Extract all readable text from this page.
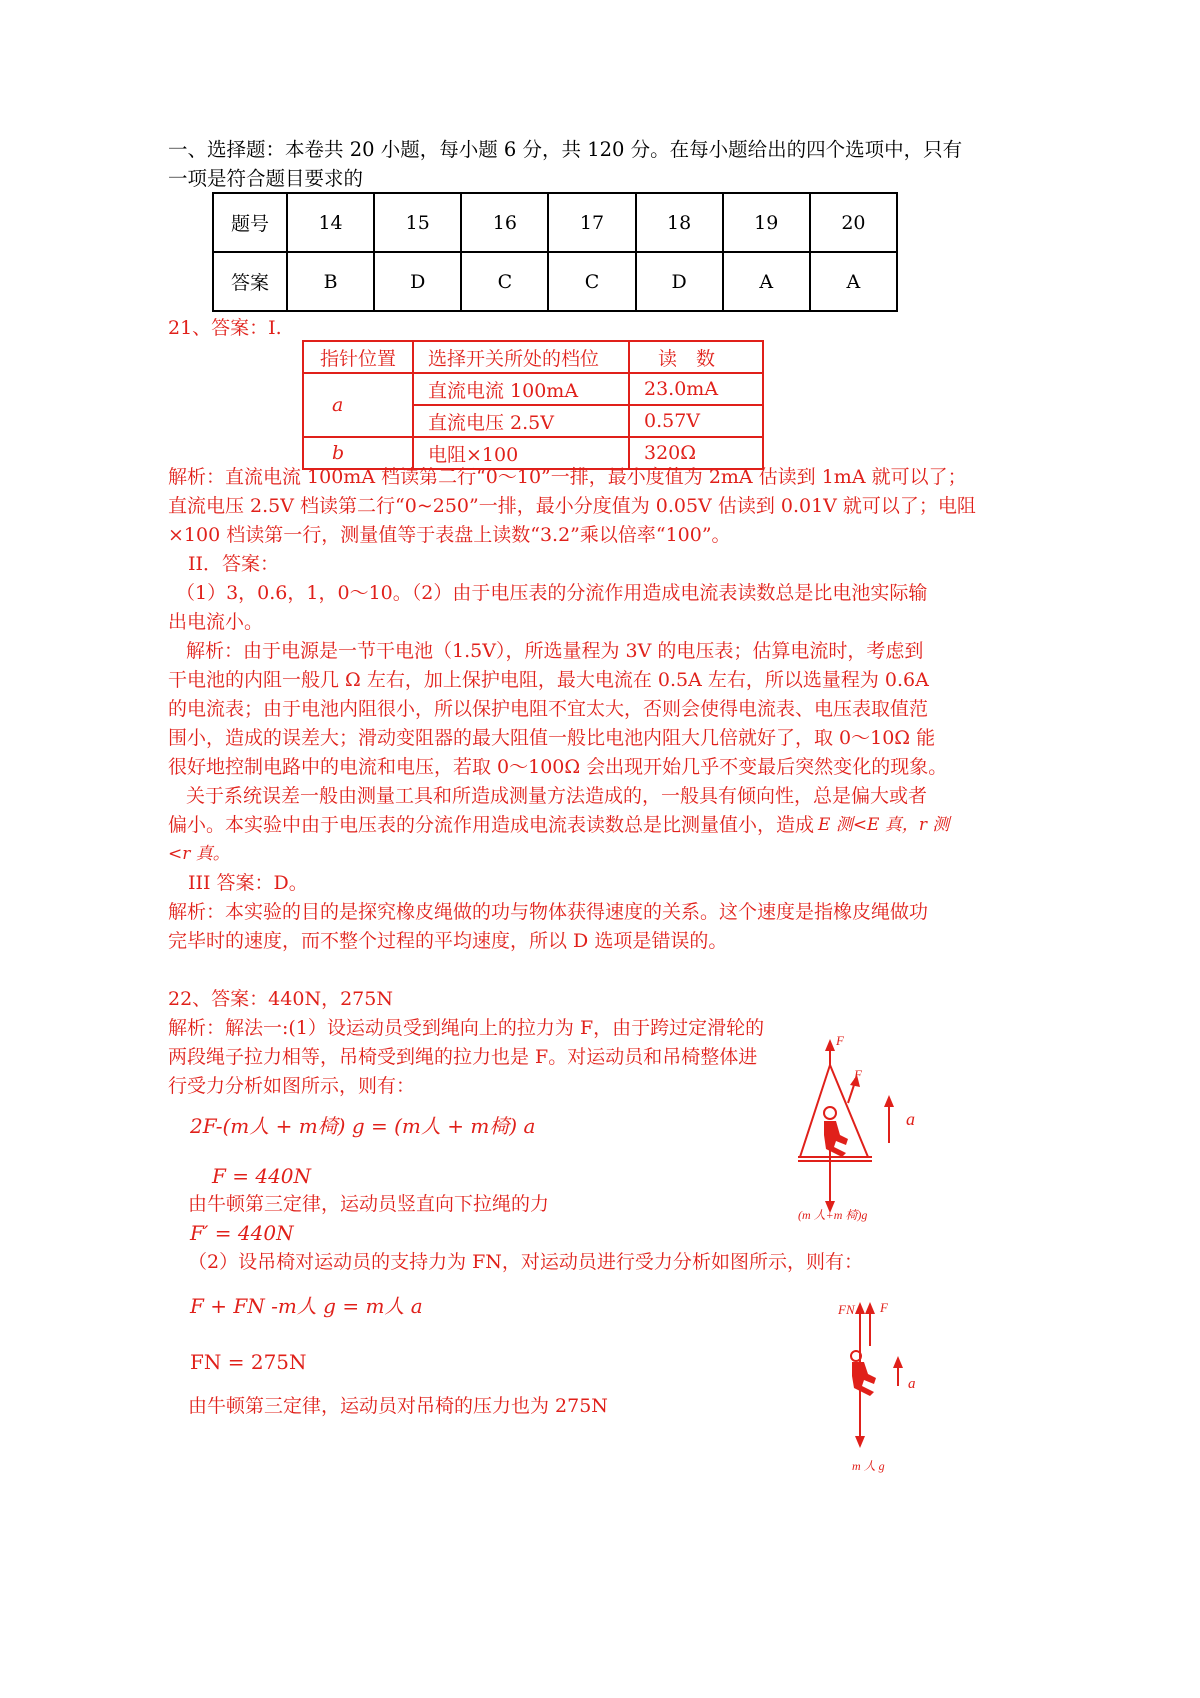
一、选择题：本卷共 20 小题，每小题 6 分，共 120 分。在每小题给出的四个选项中，只有
一项是符合题目要求的
题号	14	15	16	17	18	19	20
答案	B	D	C	C	D	A	A
21、答案：I.
指针位置	选择开关所处的档位	读　数
a	直流电流 100mA	23.0mA
	直流电压 2.5V	0.57V
b	电阻×100	320Ω
解析：直流电流 100mA 档读第二行“0～10”一排，最小度值为 2mA 估读到 1mA 就可以了；
直流电压 2.5V 档读第二行“0~250”一排，最小分度值为 0.05V 估读到 0.01V 就可以了；电阻
×100 档读第一行，测量值等于表盘上读数“3.2”乘以倍率“100”。
II．答案：
（1）3，0.6，1，0～10。（2）由于电压表的分流作用造成电流表读数总是比电池实际输
出电流小。
解析：由于电源是一节干电池（1.5V），所选量程为 3V 的电压表；估算电流时，考虑到
干电池的内阻一般几 Ω 左右，加上保护电阻，最大电流在 0.5A 左右，所以选量程为 0.6A
的电流表；由于电池内阻很小，所以保护电阻不宜太大，否则会使得电流表、电压表取值范
围小，造成的误差大；滑动变阻器的最大阻值一般比电池内阻大几倍就好了，取 0～10Ω 能
很好地控制电路中的电流和电压，若取 0～100Ω 会出现开始几乎不变最后突然变化的现象。
关于系统误差一般由测量工具和所造成测量方法造成的，一般具有倾向性，总是偏大或者
偏小。本实验中由于电压表的分流作用造成电流表读数总是比测量值小，造成 E 测<E 真，r 测
<r 真。
III 答案：D。
解析：本实验的目的是探究橡皮绳做的功与物体获得速度的关系。这个速度是指橡皮绳做功
完毕时的速度，而不整个过程的平均速度，所以 D 选项是错误的。
22、答案：440N，275N
解析：解法一:(1）设运动员受到绳向上的拉力为 F，由于跨过定滑轮的
两段绳子拉力相等，吊椅受到绳的拉力也是 F。对运动员和吊椅整体进
行受力分析如图所示，则有：
2F-(m人 + m椅) g = (m人 + m椅) a
F = 440N
由牛顿第三定律，运动员竖直向下拉绳的力
F′ = 440N
（2）设吊椅对运动员的支持力为 FN，对运动员进行受力分析如图所示，则有：
F + FN -m人 g = m人 a
FN = 275N
由牛顿第三定律，运动员对吊椅的压力也为 275N
F
F
a
(m 人+m 椅)g
FN F
a
m 人 g
